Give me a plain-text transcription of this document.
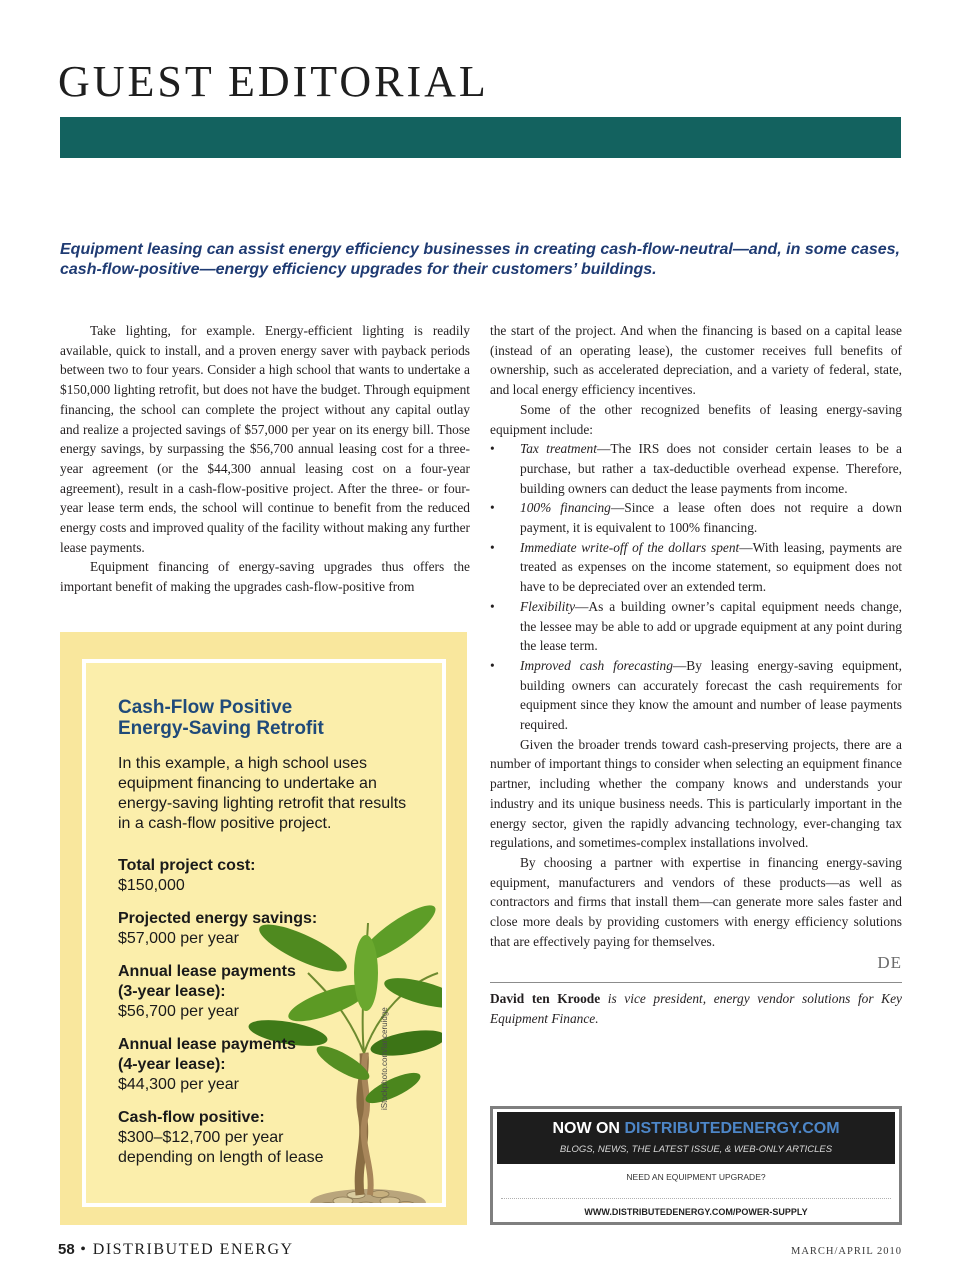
GUEST EDITORIAL
Equipment leasing can assist energy efficiency businesses in creating cash-flow-neutral—and, in some cases, cash-flow-positive—energy efficiency upgrades for their customers’ buildings.

Take lighting, for example. Energy-efficient lighting is readily available, quick to install, and a proven energy saver with payback periods between two to four years. Consider a high school that wants to undertake a $150,000 lighting retrofit, but does not have the budget. Through equipment financing, the school can complete the project without any capital outlay and realize a projected savings of $57,000 per year on its energy bill. Those energy savings, by surpassing the $56,700 annual leasing cost for a three-year agreement (or the $44,300 annual leasing cost on a four-year agreement), result in a cash-flow-positive project. After the three- or four-year lease term ends, the school will continue to benefit from the reduced energy costs and improved quality of the facility without making any further lease payments.

Equipment financing of energy-saving upgrades thus offers the important benefit of making the upgrades cash-flow-positive from

Cash-Flow Positive
Energy-Saving Retrofit
In this example, a high school uses equipment financing to undertake an energy-saving lighting retrofit that results in a cash-flow positive project.
Total project cost:
$150,000
Projected energy savings:
$57,000 per year
Annual lease payments (3-year lease):
$56,700 per year
Annual lease payments (4-year lease):
$44,300 per year
Cash-flow positive:
$300–$12,700 per year depending on length of lease
iStockphoto.com/lanceruidge

the start of the project. And when the financing is based on a capital lease (instead of an operating lease), the customer receives full benefits of ownership, such as accelerated depreciation, and a variety of federal, state, and local energy efficiency incentives.

Some of the other recognized benefits of leasing energy-saving equipment include:

• Tax treatment—The IRS does not consider certain leases to be a purchase, but rather a tax-deductible overhead expense. Therefore, building owners can deduct the lease payments from income.
• 100% financing—Since a lease often does not require a down payment, it is equivalent to 100% financing.
• Immediate write-off of the dollars spent—With leasing, payments are treated as expenses on the income statement, so equipment does not have to be depreciated over an extended term.
• Flexibility—As a building owner’s capital equipment needs change, the lessee may be able to add or upgrade equipment at any point during the lease term.
• Improved cash forecasting—By leasing energy-saving equipment, building owners can accurately forecast the cash requirements for equipment since they know the amount and number of lease payments required.

Given the broader trends toward cash-preserving projects, there are a number of important things to consider when selecting an equipment finance partner, including whether the company knows and understands your industry and its unique business needs. This is particularly important in the energy sector, given the rapidly advancing technology, ever-changing tax regulations, and sometimes-complex installations involved.

By choosing a partner with expertise in financing energy-saving equipment, manufacturers and vendors of these products—as well as contractors and firms that install them—can generate more sales faster and close more deals by providing customers with energy efficiency solutions that are effectively paying for themselves.

DE

David ten Kroode is vice president, energy vendor solutions for Key Equipment Finance.

NOW ON DISTRIBUTEDENERGY.COM
BLOGS, NEWS, THE LATEST ISSUE, & WEB-ONLY ARTICLES
NEED AN EQUIPMENT UPGRADE?
WWW.DISTRIBUTEDENERGY.COM/POWER-SUPPLY
58 • DISTRIBUTED ENERGY	MARCH/APRIL 2010
